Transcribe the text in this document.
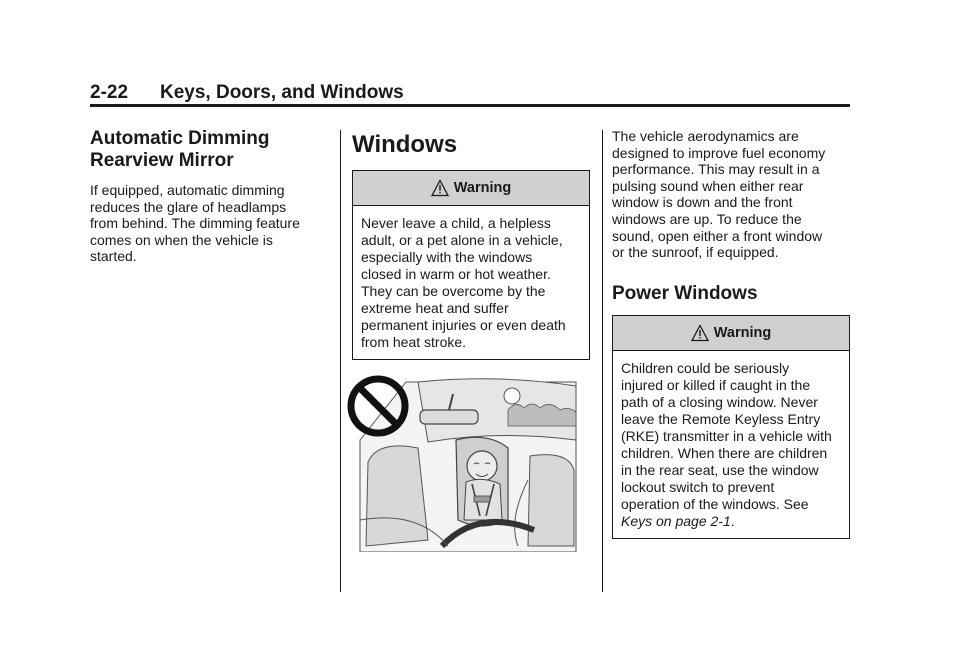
2-22 Keys, Doors, and Windows
Automatic Dimming
Rearview Mirror

If equipped, automatic dimming
reduces the glare of headlamps
from behind. The dimming feature
comes on when the vehicle is
started.

Windows
Warning
Never leave a child, a helpless
adult, or a pet alone in a vehicle,
especially with the windows
closed in warm or hot weather.
They can be overcome by the
extreme heat and suffer
permanent injuries or even death
from heat stroke.

The vehicle aerodynamics are
designed to improve fuel economy
performance. This may result in a
pulsing sound when either rear
window is down and the front
windows are up. To reduce the
sound, open either a front window
or the sunroof, if equipped.

Power Windows
Warning
Children could be seriously
injured or killed if caught in the
path of a closing window. Never
leave the Remote Keyless Entry
(RKE) transmitter in a vehicle with
children. When there are children
in the rear seat, use the window
lockout switch to prevent
operation of the windows. See
Keys on page 2-1.
